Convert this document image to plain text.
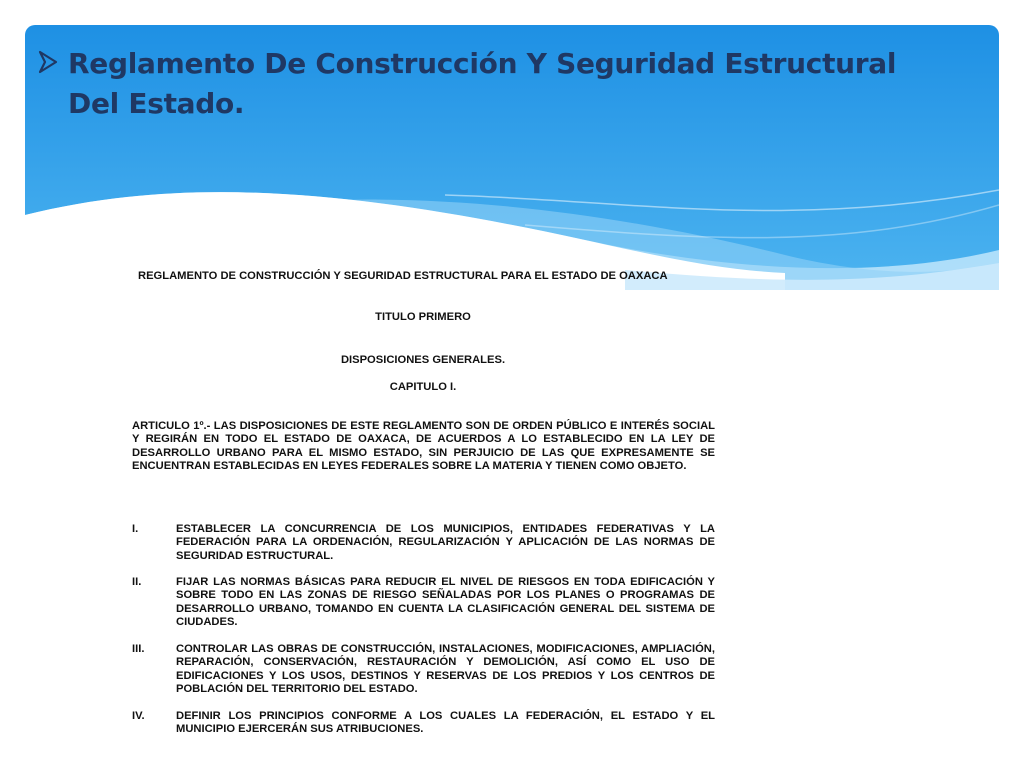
Reglamento De Construcción Y Seguridad Estructural Del Estado.
REGLAMENTO DE CONSTRUCCIÓN Y SEGURIDAD ESTRUCTURAL PARA EL ESTADO DE OAXACA
TITULO PRIMERO
DISPOSICIONES GENERALES.
CAPITULO I.
ARTICULO 1º.- LAS DISPOSICIONES DE ESTE REGLAMENTO SON DE ORDEN PÚBLICO E INTERÉS SOCIAL Y REGIRÁN EN TODO EL ESTADO DE OAXACA, DE ACUERDOS A LO ESTABLECIDO EN LA LEY DE DESARROLLO URBANO PARA EL MISMO ESTADO, SIN PERJUICIO DE LAS QUE EXPRESAMENTE SE ENCUENTRAN ESTABLECIDAS EN LEYES FEDERALES SOBRE LA MATERIA Y TIENEN COMO OBJETO.
I.	ESTABLECER LA CONCURRENCIA DE LOS MUNICIPIOS, ENTIDADES FEDERATIVAS Y LA FEDERACIÓN PARA LA ORDENACIÓN, REGULARIZACIÓN Y APLICACIÓN DE LAS NORMAS DE SEGURIDAD ESTRUCTURAL.
II.	FIJAR LAS NORMAS BÁSICAS PARA REDUCIR EL NIVEL DE RIESGOS EN TODA EDIFICACIÓN Y SOBRE TODO EN LAS ZONAS DE RIESGO SEÑALADAS POR LOS PLANES O PROGRAMAS DE DESARROLLO URBANO, TOMANDO EN CUENTA LA CLASIFICACIÓN GENERAL DEL SISTEMA DE CIUDADES.
III.	CONTROLAR LAS OBRAS DE CONSTRUCCIÓN, INSTALACIONES, MODIFICACIONES, AMPLIACIÓN, REPARACIÓN, CONSERVACIÓN, RESTAURACIÓN Y DEMOLICIÓN, ASÍ COMO EL USO DE EDIFICACIONES Y LOS USOS, DESTINOS Y RESERVAS DE LOS PREDIOS Y LOS CENTROS DE POBLACIÓN DEL TERRITORIO DEL ESTADO.
IV.	DEFINIR LOS PRINCIPIOS CONFORME A LOS CUALES LA FEDERACIÓN, EL ESTADO Y EL MUNICIPIO EJERCERÁN SUS ATRIBUCIONES.
